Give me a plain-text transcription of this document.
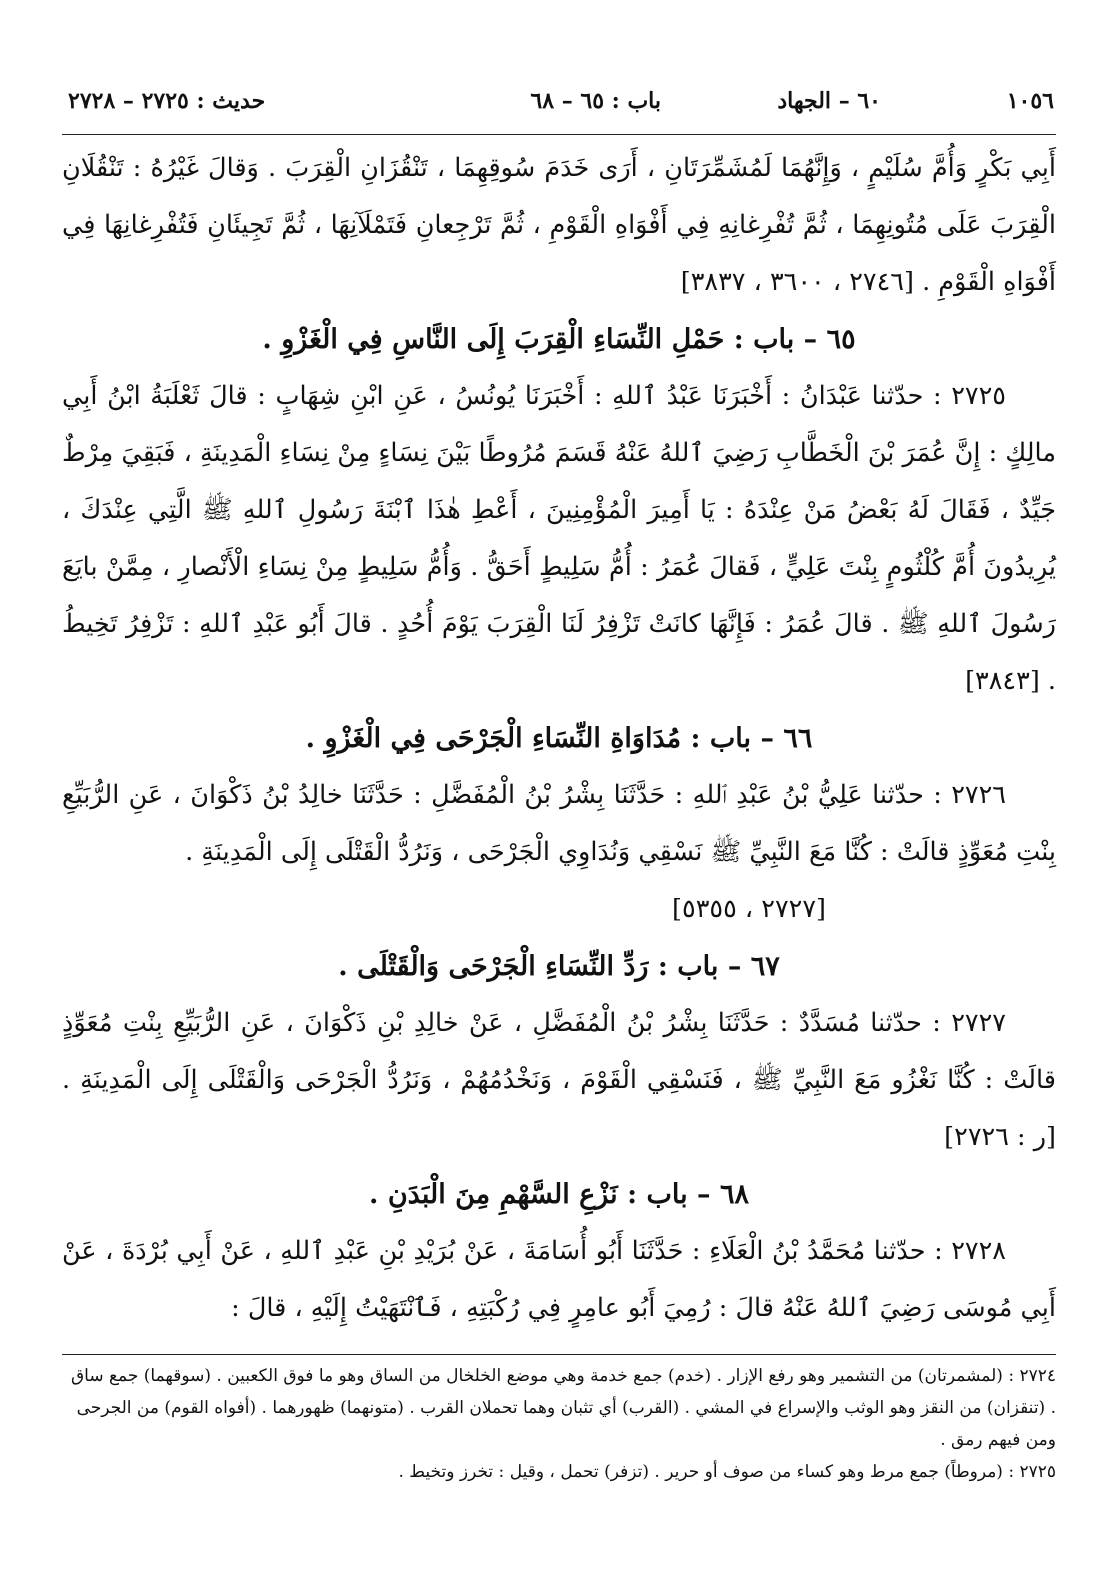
١٠٥٦
٦٠ – الجهاد
باب : ٦٥ – ٦٨
حديث : ٢٧٢٥ – ٢٧٢٨

أَبِي بَكْرٍ وَأُمَّ سُلَيْمٍ ، وَإِنَّهُمَا لَمُشَمِّرَتَانِ ، أَرَى خَدَمَ سُوقِهِمَا ، تَنْقُزَانِ الْقِرَبَ . وَقالَ غَيْرُهُ : تَنْقُلَانِ الْقِرَبَ عَلَى مُتُونِهِمَا ، ثُمَّ تُفْرِغانِهِ فِي أَفْوَاهِ الْقَوْمِ ، ثُمَّ تَرْجِعانِ فَتَمْلَآنِهَا ، ثُمَّ تَجِيئَانِ فَتُفْرِغانِهَا فِي أَفْوَاهِ الْقَوْمِ . [٢٧٤٦ ، ٣٦٠٠ ، ٣٨٣٧]

٦٥ – باب : حَمْلِ النِّسَاءِ الْقِرَبَ إِلَى النَّاسِ فِي الْغَزْوِ .

٢٧٢٥ : حدّثنا عَبْدَانُ : أَخْبَرَنَا عَبْدُ ٱللهِ : أَخْبَرَنَا يُونُسُ ، عَنِ ابْنِ شِهَابٍ : قالَ ثَعْلَبَةُ ابْنُ أَبِي مالِكٍ : إِنَّ عُمَرَ بْنَ الْخَطَّابِ رَضِيَ ٱللهُ عَنْهُ قَسَمَ مُرُوطًا بَيْنَ نِسَاءٍ مِنْ نِسَاءِ الْمَدِينَةِ ، فَبَقِيَ مِرْطٌ جَيِّدٌ ، فَقَالَ لَهُ بَعْضُ مَنْ عِنْدَهُ : يَا أَمِيرَ الْمُؤْمِنِينَ ، أَعْطِ هٰذَا ٱبْنَةَ رَسُولِ ٱللهِ ﷺ الَّتِي عِنْدَكَ ، يُرِيدُونَ أُمَّ كُلْثُومٍ بِنْتَ عَلِيٍّ ، فَقالَ عُمَرُ : أُمُّ سَلِيطٍ أَحَقُّ . وَأُمُّ سَلِيطٍ مِنْ نِسَاءِ الْأَنْصارِ ، مِمَّنْ بايَعَ رَسُولَ ٱللهِ ﷺ . قالَ عُمَرُ : فَإِنَّهَا كانَتْ تَزْفِرُ لَنَا الْقِرَبَ يَوْمَ أُحُدٍ . قالَ أَبُو عَبْدِ ٱللهِ : تَزْفِرُ تَخِيطُ . [٣٨٤٣]

٦٦ – باب : مُدَاوَاةِ النِّسَاءِ الْجَرْحَى فِي الْغَزْوِ .

٢٧٢٦ : حدّثنا عَلِيُّ بْنُ عَبْدِ ٱللهِ : حَدَّثَنَا بِشْرُ بْنُ الْمُفَضَّلِ : حَدَّثَنَا خالِدُ بْنُ ذَكْوَانَ ، عَنِ الرُّبَيِّعِ بِنْتِ مُعَوِّذٍ قالَتْ : كُنَّا مَعَ النَّبِيِّ ﷺ نَسْقِي وَنُدَاوِي الْجَرْحَى ، وَنَرُدُّ الْقَتْلَى إِلَى الْمَدِينَةِ .

[٢٧٢٧ ، ٥٣٥٥]

٦٧ – باب : رَدِّ النِّسَاءِ الْجَرْحَى وَالْقَتْلَى .

٢٧٢٧ : حدّثنا مُسَدَّدٌ : حَدَّثَنَا بِشْرُ بْنُ الْمُفَضَّلِ ، عَنْ خالِدِ بْنِ ذَكْوَانَ ، عَنِ الرُّبَيِّعِ بِنْتِ مُعَوِّذٍ قالَتْ : كُنَّا نَغْزُو مَعَ النَّبِيِّ ﷺ ، فَنَسْقِي الْقَوْمَ ، وَنَخْدُمُهُمْ ، وَنَرُدُّ الْجَرْحَى وَالْقَتْلَى إِلَى الْمَدِينَةِ . [ر : ٢٧٢٦]

٦٨ – باب : نَزْعِ السَّهْمِ مِنَ الْبَدَنِ .

٢٧٢٨ : حدّثنا مُحَمَّدُ بْنُ الْعَلَاءِ : حَدَّثَنَا أَبُو أُسَامَةَ ، عَنْ بُرَيْدِ بْنِ عَبْدِ ٱللهِ ، عَنْ أَبِي بُرْدَةَ ، عَنْ أَبِي مُوسَى رَضِيَ ٱللهُ عَنْهُ قالَ : رُمِيَ أَبُو عامِرٍ فِي رُكْبَتِهِ ، فَٱنْتَهَيْتُ إِلَيْهِ ، قالَ :

٢٧٢٤ : (لمشمرتان) من التشمير وهو رفع الإزار . (خدم) جمع خدمة وهي موضع الخلخال من الساق وهو ما فوق الكعبين . (سوقهما) جمع ساق . (تنقزان) من النقز وهو الوثب والإسراع في المشي . (القرب) أي تثبان وهما تحملان القرب . (متونهما) ظهورهما . (أفواه القوم) من الجرحى ومن فيهم رمق .

٢٧٢٥ : (مروطاً) جمع مرط وهو كساء من صوف أو حرير . (تزفر) تحمل ، وقيل : تخرز وتخيط .
